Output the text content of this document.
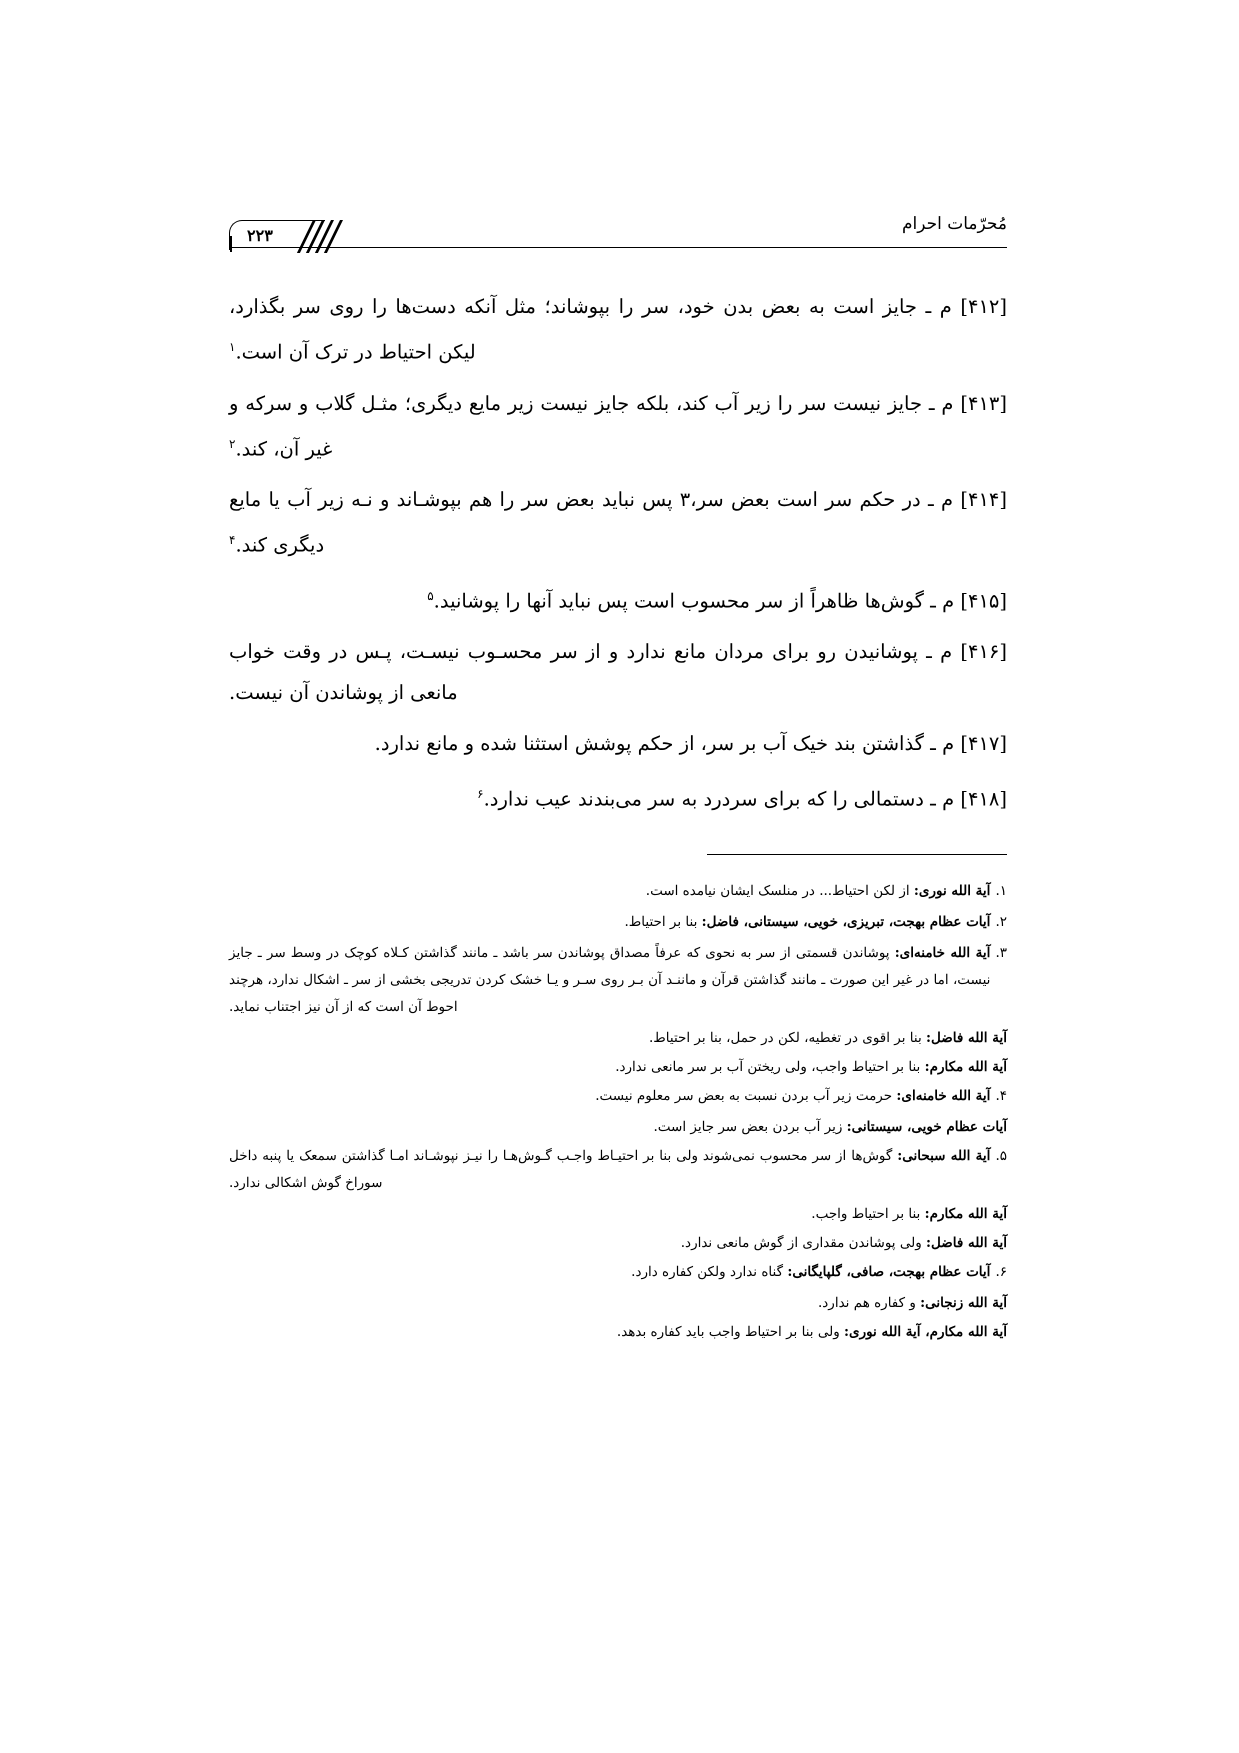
مُحرّمات احرام
۲۲۳
[۴۱۲] م ـ جایز است به بعض بدن خود، سر را بپوشاند؛ مثل آنکه دست‌ها را روی سر بگذارد، لیکن احتیاط در ترک آن است.$^۱$
[۴۱۳] م ـ جایز نیست سر را زیر آب کند، بلکه جایز نیست زیر مایع دیگری؛ مثـل گلاب و سرکه و غیر آن، کند.$^۲$
[۴۱۴] م ـ در حکم سر است بعض سر،٣ پس نباید بعض سر را هم بپوشـاند و نـه زیر آب یا مایع دیگری کند.$^۴$
[۴۱۵] م ـ گوش‌ها ظاهراً از سر محسوب است پس نباید آنها را پوشانید.$^۵$
[۴۱۶] م ـ پوشانیدن رو برای مردان مانع ندارد و از سر محسـوب نیسـت، پـس در وقت خواب مانعی از پوشاندن آن نیست.
[۴۱۷] م ـ گذاشتن بند خیک آب بر سر، از حکم پوشش استثنا شده و مانع ندارد.
[۴۱۸] م ـ دستمالی را که برای سردرد به سر می‌بندند عیب ندارد.$^۶$
۱.
آیة الله نوری: از لکن احتیاط... در منلسک ایشان نیامده است.
۲.
آیات عظام بهجت، تبریزی، خویی، سیستانی، فاضل: بنا بر احتیاط.
۳.
آیة الله خامنه‌ای: پوشاندن قسمتی از سر به نحوی که عرفاً مصداق پوشاندن سر باشد ـ مانند گذاشتن کـلاه کوچک در وسط سر ـ جایز نیست، اما در غیر این صورت ـ مانند گذاشتن قرآن و ماننـد آن بـر روی سـر و یـا خشک کردن تدریجی بخشی از سر ـ اشکال ندارد، هرچند احوط آن است که از آن نیز اجتناب نماید.
آیة الله فاضل: بنا بر اقوی در تغطیه، لکن در حمل، بنا بر احتیاط.
آیة الله مکارم: بنا بر احتیاط واجب، ولی ریختن آب بر سر مانعی ندارد.
۴.
آیة الله خامنه‌ای: حرمت زیر آب بردن نسبت به بعض سر معلوم نیست.
آیات عظام خویی، سیستانی: زیر آب بردن بعض سر جایز است.
۵.
آیة الله سبحانی: گوش‌ها از سر محسوب نمی‌شوند ولی بنا بر احتیـاط واجـب گـوش‌هـا را نیـز نپوشـاند امـا گذاشتن سمعک یا پنبه داخل سوراخ گوش اشکالی ندارد.
آیة الله مکارم: بنا بر احتیاط واجب.
آیة الله فاضل: ولی پوشاندن مقداری از گوش مانعی ندارد.
۶.
آیات عظام بهجت، صافی، گلپایگانی: گناه ندارد ولکن کفاره دارد.
آیة الله زنجانی: و کفاره هم ندارد.
آیة الله مکارم، آیة الله نوری: ولی بنا بر احتیاط واجب باید کفاره بدهد.
